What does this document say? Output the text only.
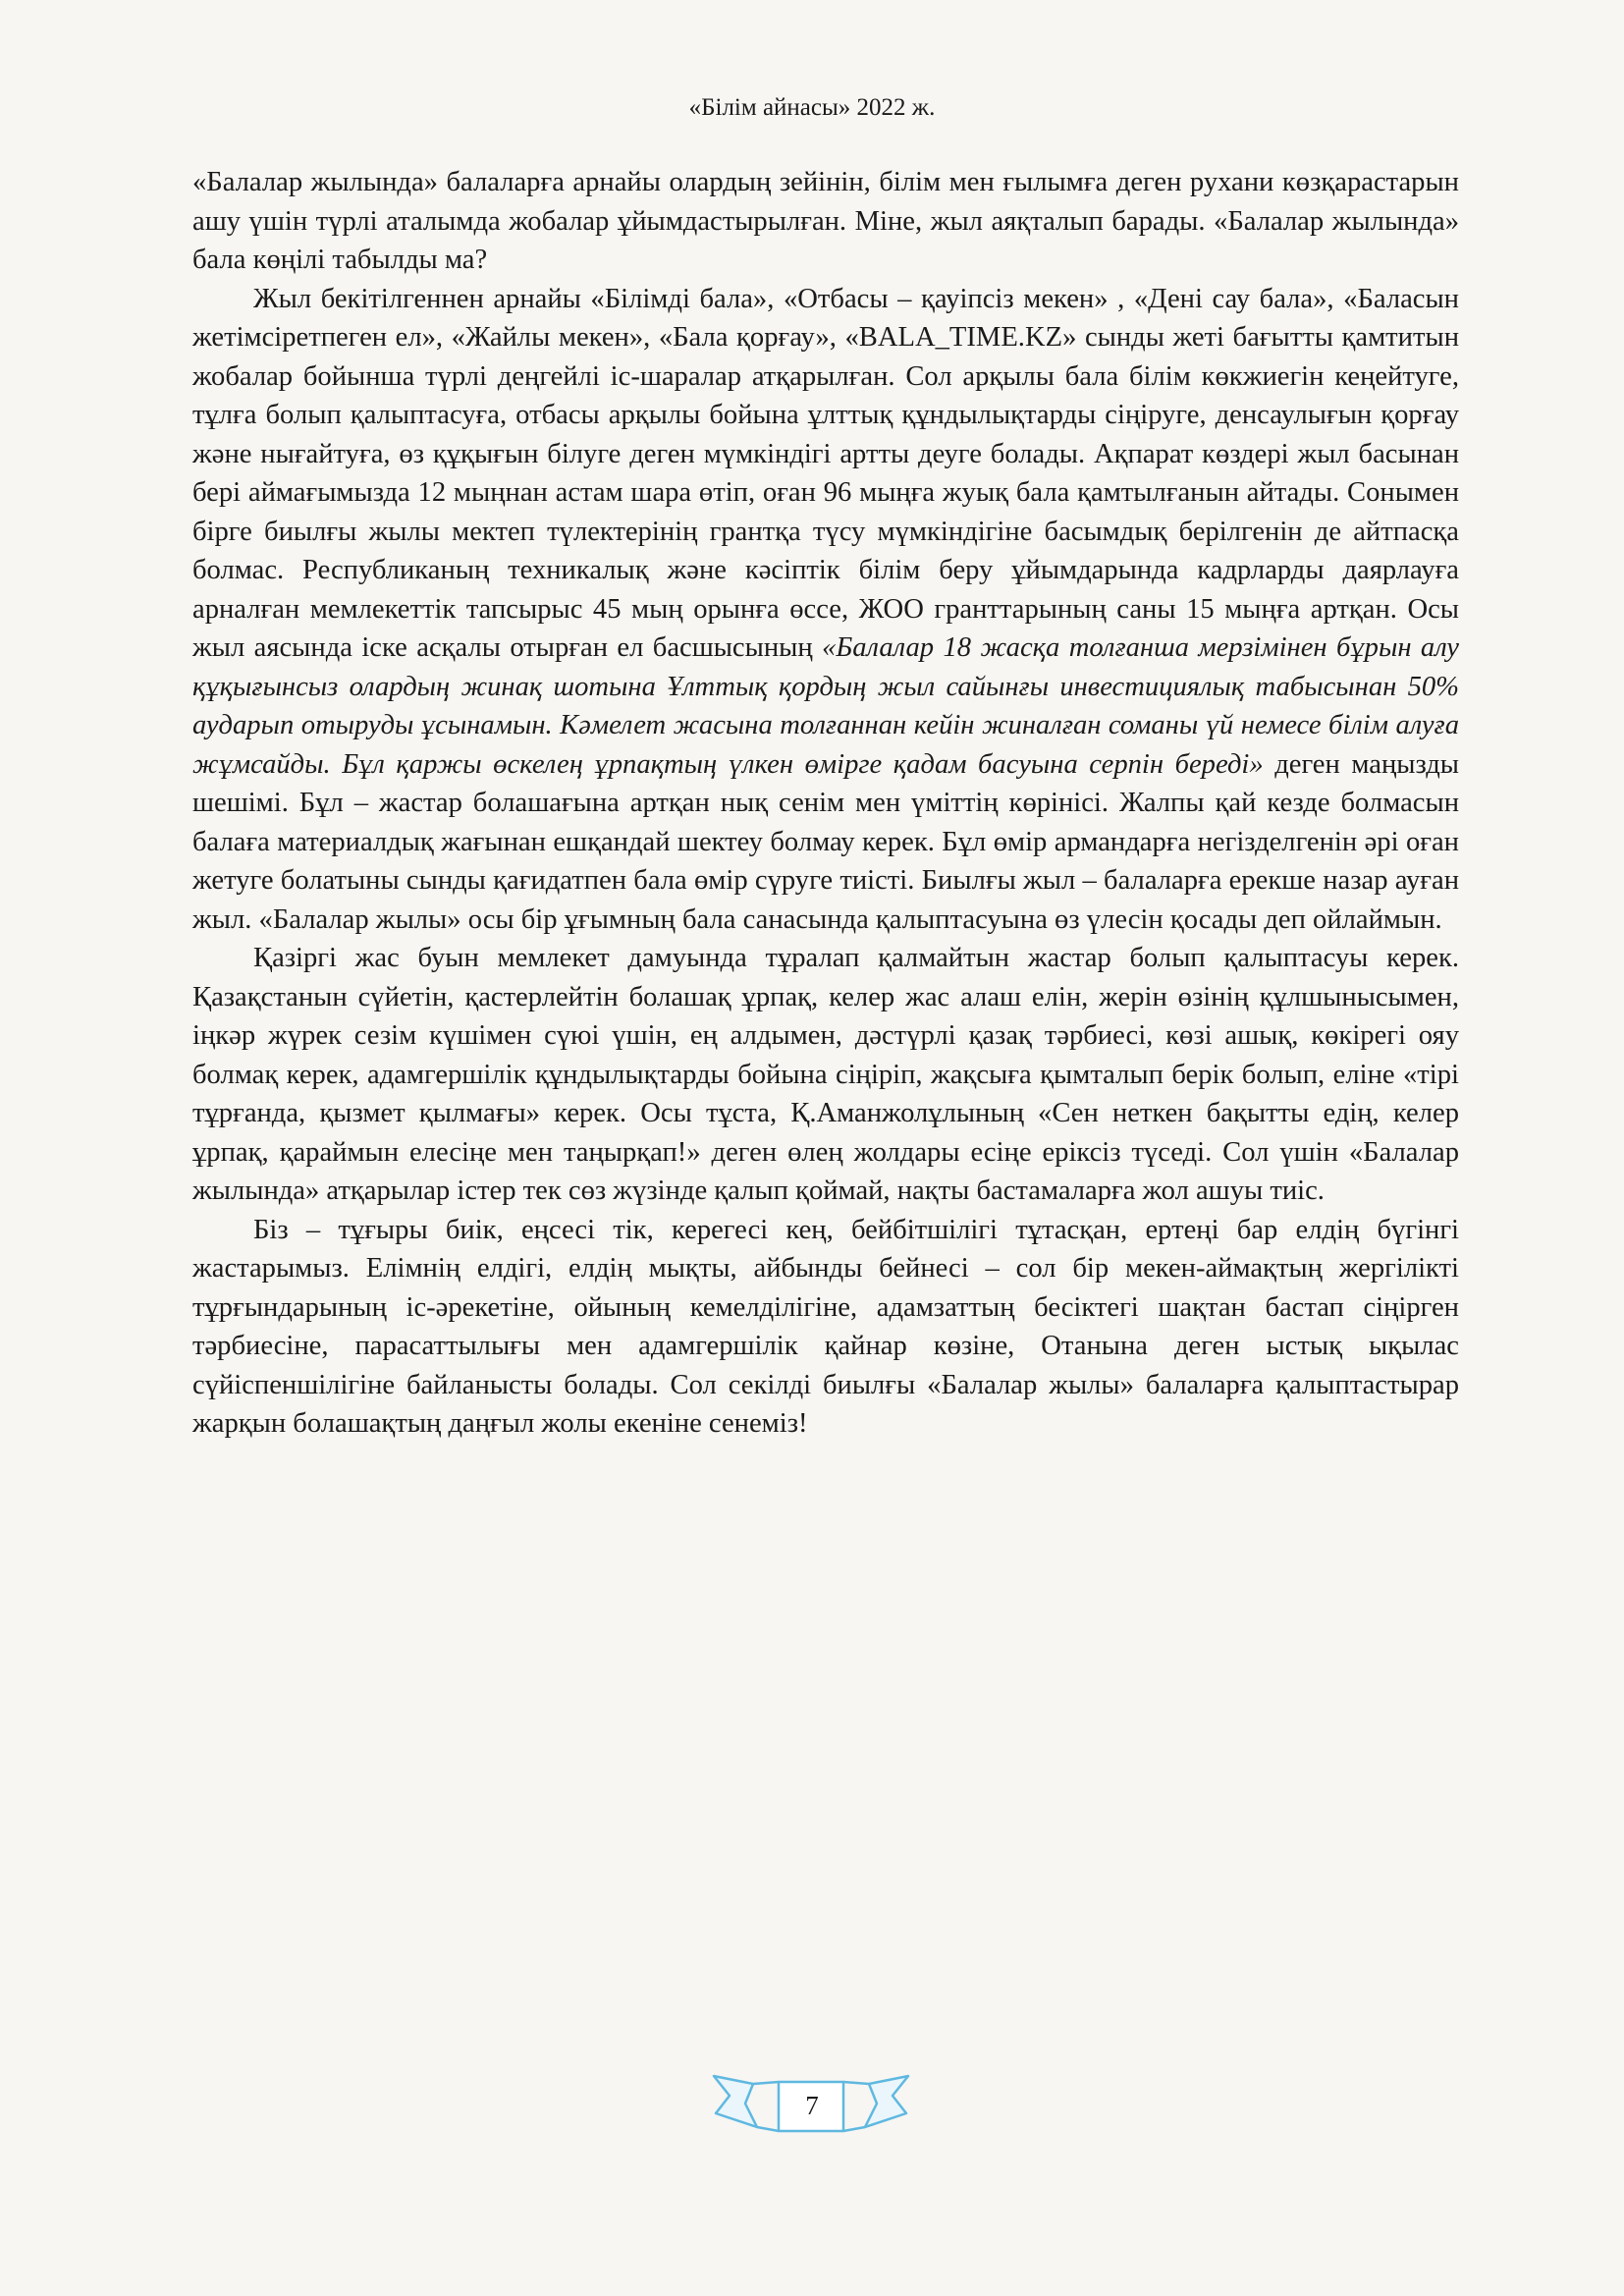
«Білім айнасы» 2022 ж.

«Балалар жылында» балаларға арнайы олардың зейінін, білім мен ғылымға деген рухани көзқарастарын ашу үшін түрлі аталымда жобалар ұйымдастырылған. Міне, жыл аяқталып барады. «Балалар жылында» бала көңілі табылды ма?

Жыл бекітілгеннен арнайы «Білімді бала», «Отбасы – қауіпсіз мекен» , «Дені сау бала», «Баласын жетімсіретпеген ел», «Жайлы мекен», «Бала қорғау», «BALA_TIME.KZ» сынды жеті бағытты қамтитын жобалар бойынша түрлі деңгейлі іс-шаралар атқарылған. Сол арқылы бала білім көкжиегін кеңейтуге, тұлға болып қалыптасуға, отбасы арқылы бойына ұлттық құндылықтарды сіңіруге, денсаулығын қорғау және нығайтуға, өз құқығын білуге деген мүмкіндігі артты деуге болады. Ақпарат көздері жыл басынан бері аймағымызда 12 мыңнан астам шара өтіп, оған 96 мыңға жуық бала қамтылғанын айтады. Сонымен бірге биылғы жылы мектеп түлектерінің грантқа түсу мүмкіндігіне басымдық берілгенін де айтпасқа болмас. Республиканың техникалық және кәсіптік білім беру ұйымдарында кадрларды даярлауға арналған мемлекеттік тапсырыс 45 мың орынға өссе, ЖОО гранттарының саны 15 мыңға артқан. Осы жыл аясында іске асқалы отырған ел басшысының «Балалар 18 жасқа толғанша мерзімінен бұрын алу құқығынсыз олардың жинақ шотына Ұлттық қордың жыл сайынғы инвестициялық табысынан 50% аударып отыруды ұсынамын. Кәмелет жасына толғаннан кейін жиналған соманы үй немесе білім алуға жұмсайды. Бұл қаржы өскелең ұрпақтың үлкен өмірге қадам басуына серпін береді» деген маңызды шешімі. Бұл – жастар болашағына артқан нық сенім мен үміттің көрінісі. Жалпы қай кезде болмасын балаға материалдық жағынан ешқандай шектеу болмау керек. Бұл өмір армандарға негізделгенін әрі оған жетуге болатыны сынды қағидатпен бала өмір сүруге тиісті. Биылғы жыл – балаларға ерекше назар ауған жыл. «Балалар жылы» осы бір ұғымның бала санасында қалыптасуына өз үлесін қосады деп ойлаймын.

Қазіргі жас буын мемлекет дамуында тұралап қалмайтын жастар болып қалыптасуы керек. Қазақстанын сүйетін, қастерлейтін болашақ ұрпақ, келер жас алаш елін, жерін өзінің құлшынысымен, іңкәр жүрек сезім күшімен сүюі үшін, ең алдымен, дәстүрлі қазақ тәрбиесі, көзі ашық, көкірегі ояу болмақ керек, адамгершілік құндылықтарды бойына сіңіріп, жақсыға қымталып берік болып, еліне «тірі тұрғанда, қызмет қылмағы» керек. Осы тұста, Қ.Аманжолұлының «Сен неткен бақытты едің, келер ұрпақ, қараймын елесіңе мен таңырқап!» деген өлең жолдары есіңе еріксіз түседі. Сол үшін «Балалар жылында» атқарылар істер тек сөз жүзінде қалып қоймай, нақты бастамаларға жол ашуы тиіс.

Біз – тұғыры биік, еңсесі тік, керегесі кең, бейбітшілігі тұтасқан, ертеңі бар елдің бүгінгі жастарымыз. Елімнің елдігі, елдің мықты, айбынды бейнесі – сол бір мекен-аймақтың жергілікті тұрғындарының іс-әрекетіне, ойының кемелділігіне, адамзаттың бесіктегі шақтан бастап сіңірген тәрбиесіне, парасаттылығы мен адамгершілік қайнар көзіне, Отанына деген ыстық ықылас сүйіспеншілігіне байланысты болады. Сол секілді биылғы «Балалар жылы» балаларға қалыптастырар жарқын болашақтың даңғыл жолы екеніне сенеміз!

7
